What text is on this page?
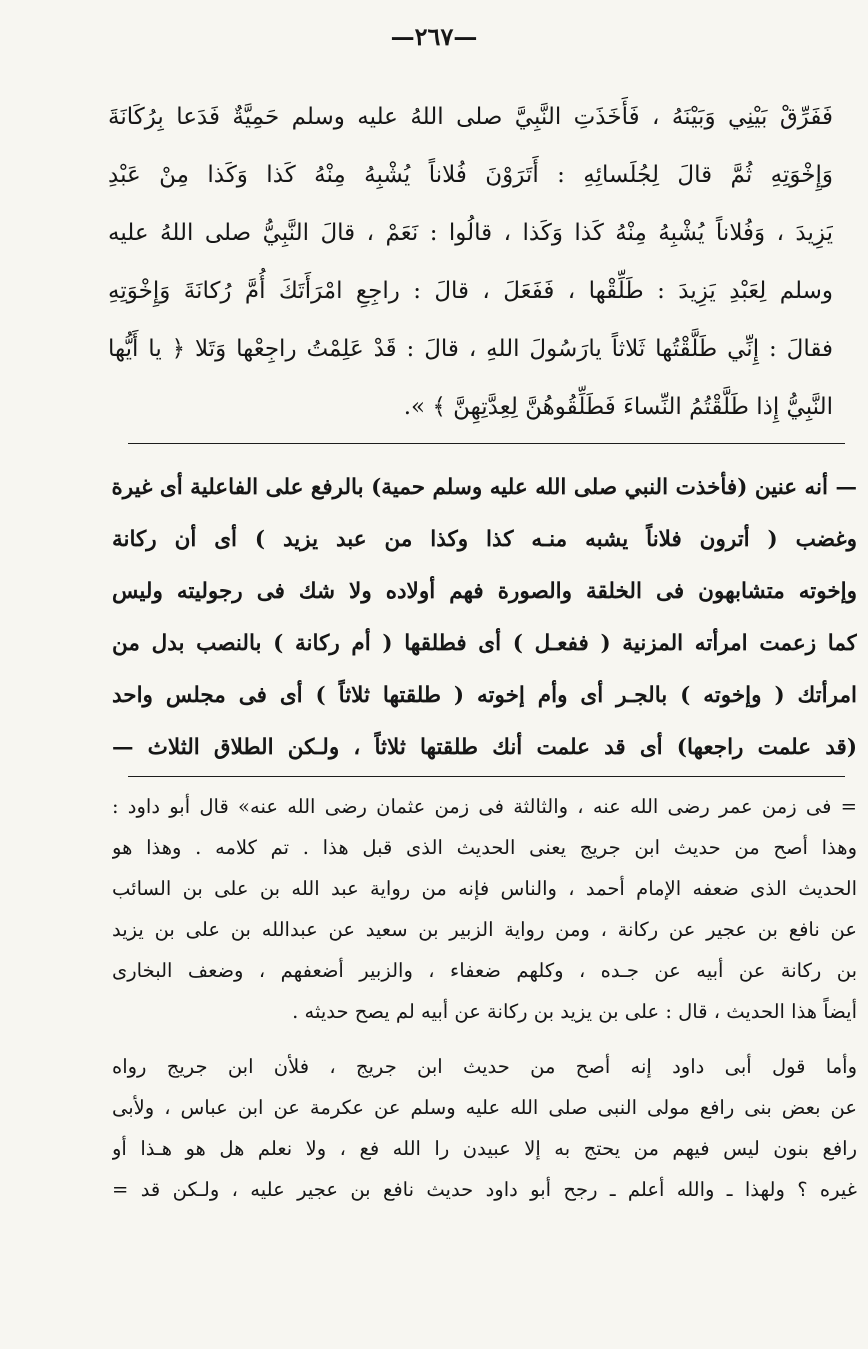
—٢٦٧—
فَفَرِّقْ بَيْنِي وَبَيْنَهُ ، فَأَخَذَتِ النَّبِيَّ صلى اللهُ عليه وسلم حَمِيَّةٌ فَدَعا بِرُكَانَةَ
وَإِخْوَتِهِ ثُمَّ قالَ لِجُلَسائِهِ : أَتَرَوْنَ فُلاناً يُشْبِهُ مِنْهُ كَذا وَكَذا مِنْ عَبْدِ
يَزِيدَ ، وَفُلاناً يُشْبِهُ مِنْهُ كَذا وَكَذا ، قالُوا : نَعَمْ ، قالَ النَّبِيُّ صلى اللهُ عليه
وسلم لِعَبْدِ يَزِيدَ : طَلِّقْها ، فَفَعَلَ ، قالَ : راجِعِ امْرَأَتَكَ أُمَّ رُكانَةَ وَإِخْوَتِهِ
فقالَ : إِنِّي طَلَّقْتُها ثَلاثاً يارَسُولَ اللهِ ، قالَ : قَدْ عَلِمْتُ راجِعْها وَتَلا ﴿ يا أَيُّها
النَّبِيُّ إِذا طَلَّقْتُمُ النِّساءَ فَطَلِّقُوهُنَّ لِعِدَّتِهِنَّ ﴾ ».
— أنه عنين (فأخذت النبي صلى الله عليه وسلم حمية) بالرفع على الفاعلية أى غيرة
وغضب ( أترون فلاناً يشبه منـه كذا وكذا من عبد يزيد ) أى أن ركانة
وإخوته متشابهون فى الخلقة والصورة فهم أولاده ولا شك فى رجوليته وليس
كما زعمت امرأته المزنية ( ففعـل ) أى فطلقها ( أم ركانة ) بالنصب بدل من
امرأتك ( وإخوته ) بالجـر أى وأم إخوته ( طلقتها ثلاثاً ) أى فى مجلس واحد
(قد علمت راجعها) أى قد علمت أنك طلقتها ثلاثاً ، ولـكن الطلاق الثلاث —
= فى زمن عمر رضى الله عنه ، والثالثة فى زمن عثمان رضى الله عنه» قال أبو داود :
وهذا أصح من حديث ابن جريج يعنى الحديث الذى قبل هذا . تم كلامه . وهذا هو
الحديث الذى ضعفه الإمام أحمد ، والناس فإنه من رواية عبد الله بن على بن السائب
عن نافع بن عجير عن ركانة ، ومن رواية الزبير بن سعيد عن عبدالله بن على بن يزيد
بن ركانة عن أبيه عن جـده ، وكلهم ضعفاء ، والزبير أضعفهم ، وضعف البخارى
أيضاً هذا الحديث ، قال : على بن يزيد بن ركانة عن أبيه لم يصح حديثه .
وأما قول أبى داود إنه أصح من حديث ابن جريج ، فلأن ابن جريج رواه
عن بعض بنى رافع مولى النبى صلى الله عليه وسلم عن عكرمة عن ابن عباس ، ولأبى
رافع بنون ليس فيهم من يحتج به إلا عبيدن را الله فع ، ولا نعلم هل هو هـذا أو
غيره ؟ ولهذا ـ والله أعلم ـ رجح أبو داود حديث نافع بن عجير عليه ، ولـكن قد =
